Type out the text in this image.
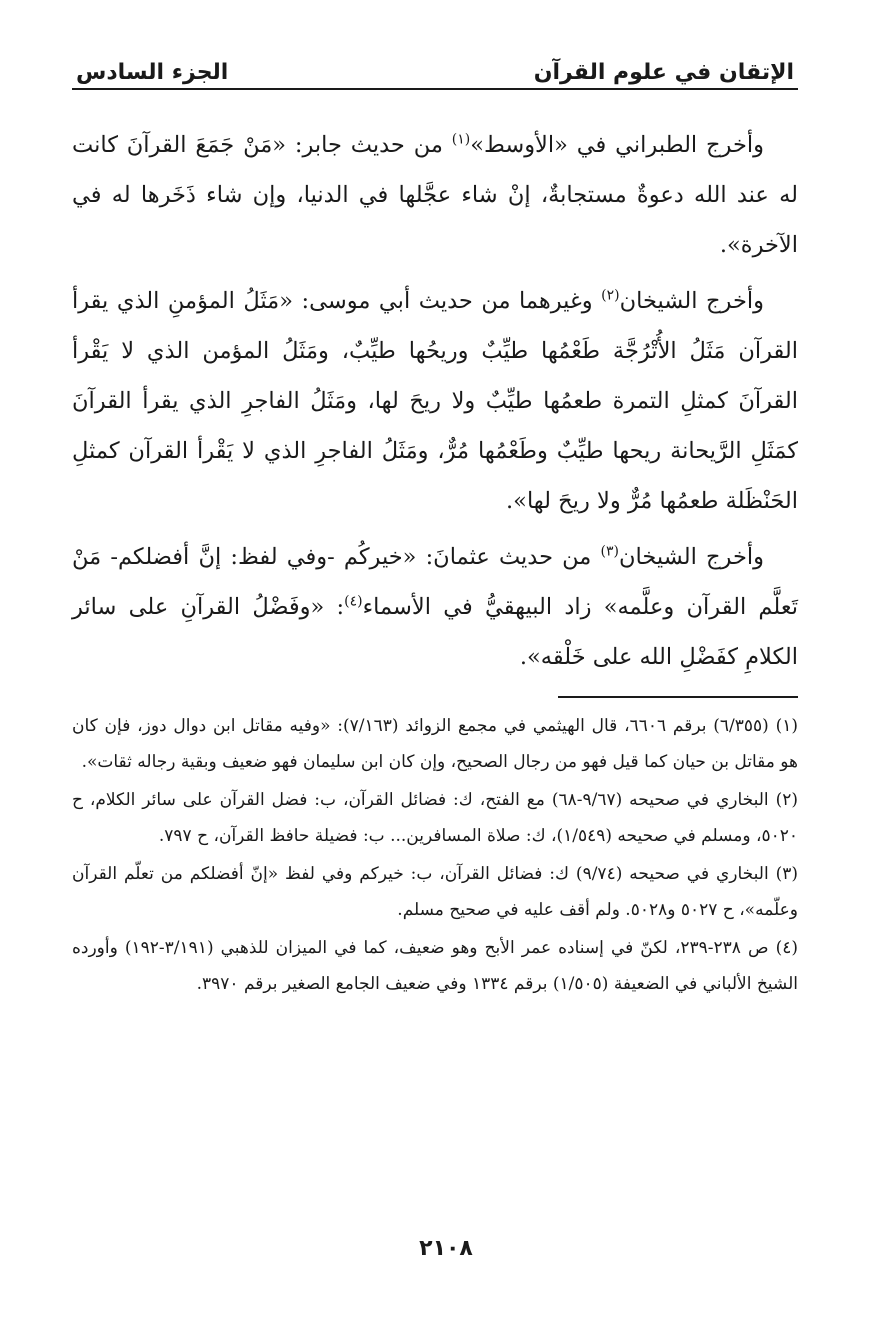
الإتقان في علوم القرآن
الجزء السادس

وأخرج الطبراني في «الأوسط»$^{(١)}$ من حديث جابر: «مَنْ جَمَعَ القرآنَ كانت له عند الله دعوةٌ مستجابةٌ، إنْ شاء عجَّلها في الدنيا، وإن شاء ذَخَرها له في الآخرة».

وأخرج الشيخان$^{(٢)}$ وغيرهما من حديث أبي موسى: «مَثَلُ المؤمنِ الذي يقرأ القرآن مَثَلُ الأُتْرُجَّة طَعْمُها طيِّبٌ وريحُها طيِّبٌ، ومَثَلُ المؤمن الذي لا يَقْرأ القرآنَ كمثلِ التمرة طعمُها طيِّبٌ ولا ريحَ لها، ومَثَلُ الفاجرِ الذي يقرأ القرآنَ كمَثَلِ الرَّيحانة ريحها طيِّبٌ وطَعْمُها مُرٌّ، ومَثَلُ الفاجرِ الذي لا يَقْرأ القرآن كمثلِ الحَنْظَلة طعمُها مُرٌّ ولا ريحَ لها».

وأخرج الشيخان$^{(٣)}$ من حديث عثمانَ: «خيركُم -وفي لفظ: إنَّ أفضلكم- مَنْ تَعلَّم القرآن وعلَّمه» زاد البيهقيُّ في الأسماء$^{(٤)}$: «وفَضْلُ القرآنِ على سائر الكلامِ كفَضْلِ الله على خَلْقه».

(١) (٦/٣٥٥) برقم ٦٦٠٦، قال الهيثمي في مجمع الزوائد (٧/١٦٣): «وفيه مقاتل ابن دوال دوز، فإن كان هو مقاتل بن حيان كما قيل فهو من رجال الصحيح، وإن كان ابن سليمان فهو ضعيف وبقية رجاله ثقات».

(٢) البخاري في صحيحه (٩/٦٧-٦٨) مع الفتح، ك: فضائل القرآن، ب: فضل القرآن على سائر الكلام، ح ٥٠٢٠، ومسلم في صحيحه (١/٥٤٩)، ك: صلاة المسافرين... ب: فضيلة حافظ القرآن، ح ٧٩٧.

(٣) البخاري في صحيحه (٩/٧٤) ك: فضائل القرآن، ب: خيركم وفي لفظ «إنّ أفضلكم من تعلّم القرآن وعلّمه»، ح ٥٠٢٧ و٥٠٢٨. ولم أقف عليه في صحيح مسلم.

(٤) ص ٢٣٨-٢٣٩، لكنّ في إسناده عمر الأبح وهو ضعيف، كما في الميزان للذهبي (٣/١٩١-١٩٢) وأورده الشيخ الألباني في الضعيفة (١/٥٠٥) برقم ١٣٣٤ وفي ضعيف الجامع الصغير برقم ٣٩٧٠.

٢١٠٨
